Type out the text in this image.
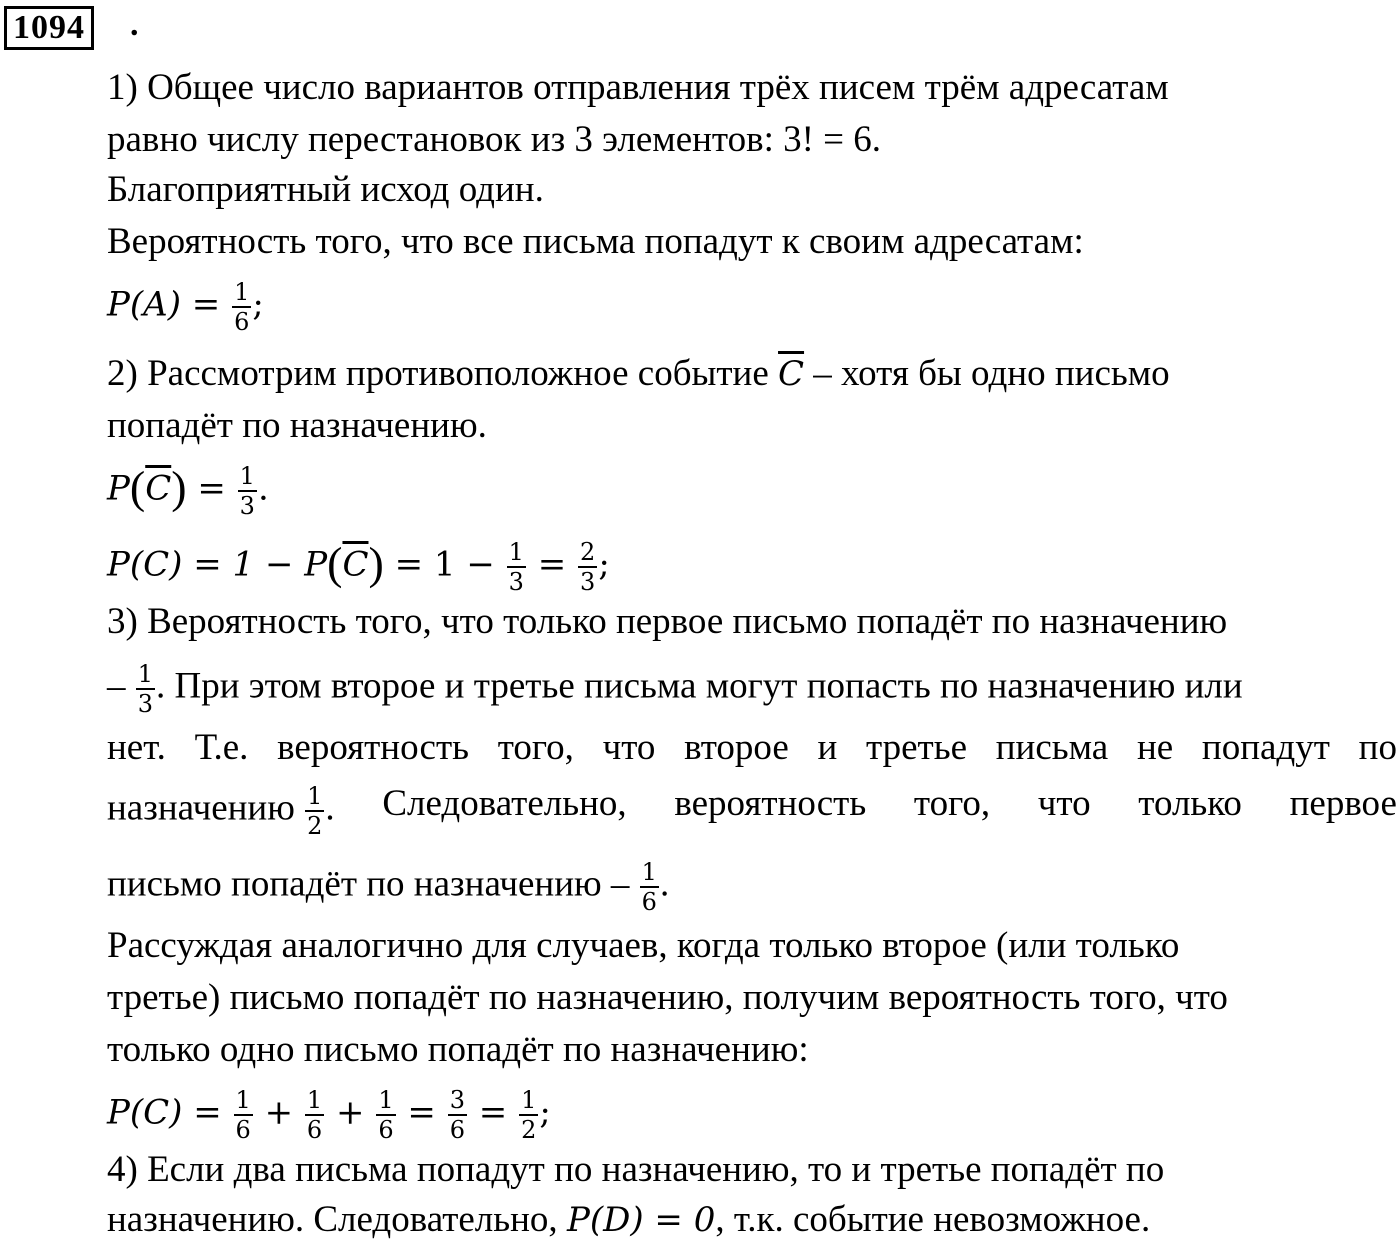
1094 .
1) Общее число вариантов отправления трёх писем трём адресатам
равно числу перестановок из 3 элементов: 3! = 6.
Благоприятный исход один.
Вероятность того, что все письма попадут к своим адресатам:
$P(A) = \frac{1}{6}$ ;
2) Рассмотрим противоположное событие $\overline{C}$ – хотя бы одно письмо
попадёт по назначению.
$P(\overline{C}) = \frac{1}{3}$ .
$P(C) = 1 - P(\overline{C}) = 1 - \frac{1}{3} = \frac{2}{3}$ ;
3) Вероятность того, что только первое письмо попадёт по назначению
– $\frac{1}{3}$ . При этом второе и третье письма могут попасть по назначению или
нет. Т.е. вероятность того, что второе и третье письма не попадут по
назначению $\frac{1}{2}$ . Следовательно, вероятность того, что только первое
письмо попадёт по назначению – $\frac{1}{6}$ .
Рассуждая аналогично для случаев, когда только второе (или только
третье) письмо попадёт по назначению, получим вероятность того, что
только одно письмо попадёт по назначению:
$P(C) = \frac{1}{6} + \frac{1}{6} + \frac{1}{6} = \frac{3}{6} = \frac{1}{2}$ ;
4) Если два письма попадут по назначению, то и третье попадёт по
назначению. Следовательно, P(D) = 0, т.к. событие невозможное.
